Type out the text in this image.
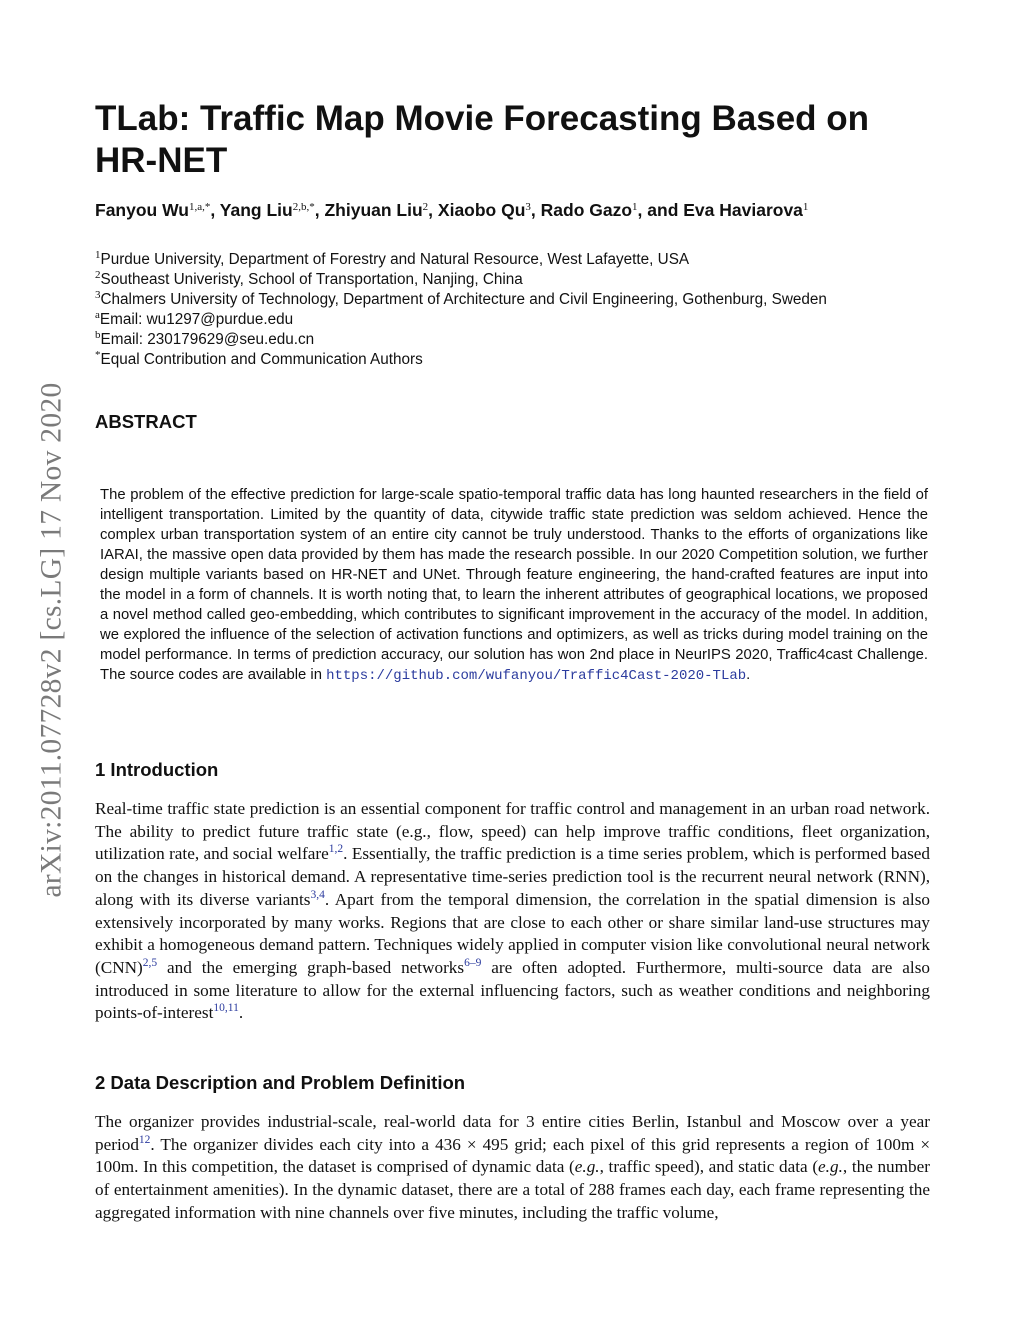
arXiv:2011.07728v2 [cs.LG] 17 Nov 2020
TLab: Traffic Map Movie Forecasting Based on HR-NET
Fanyou $Wu^{1,a,*}$, Yang Liu$^{2,b,*}$, Zhiyuan Liu$^2$, Xiaobo Qu$^3$, Rado Gazo$^1$, and Eva Haviarova$^1$
$^1$Purdue University, Department of Forestry and Natural Resource, West Lafayette, USA
$^2$Southeast Univeristy, School of Transportation, Nanjing, China
$^3$Chalmers University of Technology, Department of Architecture and Civil Engineering, Gothenburg, Sweden
$^a$Email: wu1297@purdue.edu
$^b$Email: 230179629@seu.edu.cn
*Equal Contribution and Communication Authors
ABSTRACT

The problem of the effective prediction for large-scale spatio-temporal traffic data has long haunted researchers in the field of intelligent transportation. Limited by the quantity of data, citywide traffic state prediction was seldom achieved. Hence the complex urban transportation system of an entire city cannot be truly understood. Thanks to the efforts of organizations like IARAI, the massive open data provided by them has made the research possible. In our 2020 Competition solution, we further design multiple variants based on HR-NET and UNet. Through feature engineering, the hand-crafted features are input into the model in a form of channels. It is worth noting that, to learn the inherent attributes of geographical locations, we proposed a novel method called geo-embedding, which contributes to significant improvement in the accuracy of the model. In addition, we explored the influence of the selection of activation functions and optimizers, as well as tricks during model training on the model performance. In terms of prediction accuracy, our solution has won 2nd place in NeurIPS 2020, Traffic4cast Challenge. The source codes are available in https://github.com/wufanyou/Traffic4Cast-2020-TLab.

1 Introduction

Real-time traffic state prediction is an essential component for traffic control and management in an urban road network. The ability to predict future traffic state (e.g., flow, speed) can help improve traffic conditions, fleet organization, utilization rate, and social welfare$^{1,2}$. Essentially, the traffic prediction is a time series problem, which is performed based on the changes in historical demand. A representative time-series prediction tool is the recurrent neural network (RNN), along with its diverse variants$^{3,4}$. Apart from the temporal dimension, the correlation in the spatial dimension is also extensively incorporated by many works. Regions that are close to each other or share similar land-use structures may exhibit a homogeneous demand pattern. Techniques widely applied in computer vision like convolutional neural network (CNN)$^{2,5}$ and the emerging graph-based networks$^{6-9}$ are often adopted. Furthermore, multi-source data are also introduced in some literature to allow for the external influencing factors, such as weather conditions and neighboring points-of-interest$^{10,11}$.

2 Data Description and Problem Definition

The organizer provides industrial-scale, real-world data for 3 entire cities Berlin, Istanbul and Moscow over a year period$^{12}$. The organizer divides each city into a 436 × 495 grid; each pixel of this grid represents a region of 100m × 100m. In this competition, the dataset is comprised of dynamic data (e.g., traffic speed), and static data (e.g., the number of entertainment amenities). In the dynamic dataset, there are a total of 288 frames each day, each frame representing the aggregated information with nine channels over five minutes, including the traffic volume,
